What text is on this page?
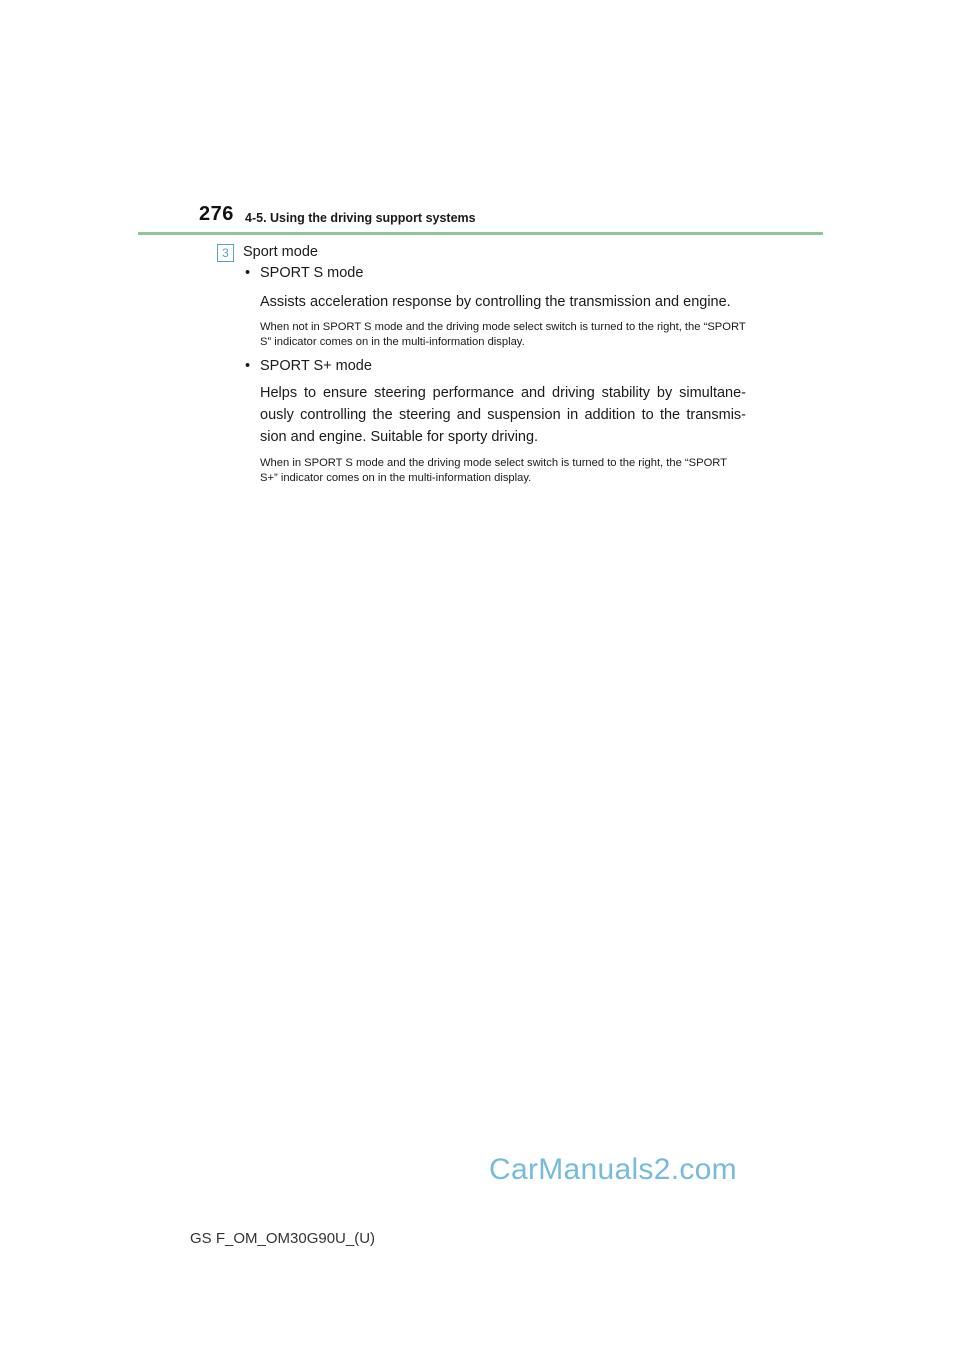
276 4-5. Using the driving support systems
3 Sport mode
• SPORT S mode
Assists acceleration response by controlling the transmission and engine.
When not in SPORT S mode and the driving mode select switch is turned to the right, the “SPORT S” indicator comes on in the multi-information display.
• SPORT S+ mode
Helps to ensure steering performance and driving stability by simultane-ously controlling the steering and suspension in addition to the transmis-sion and engine. Suitable for sporty driving.
When in SPORT S mode and the driving mode select switch is turned to the right, the “SPORT S+” indicator comes on in the multi-information display.
CarManuals2.com
GS F_OM_OM30G90U_(U)
